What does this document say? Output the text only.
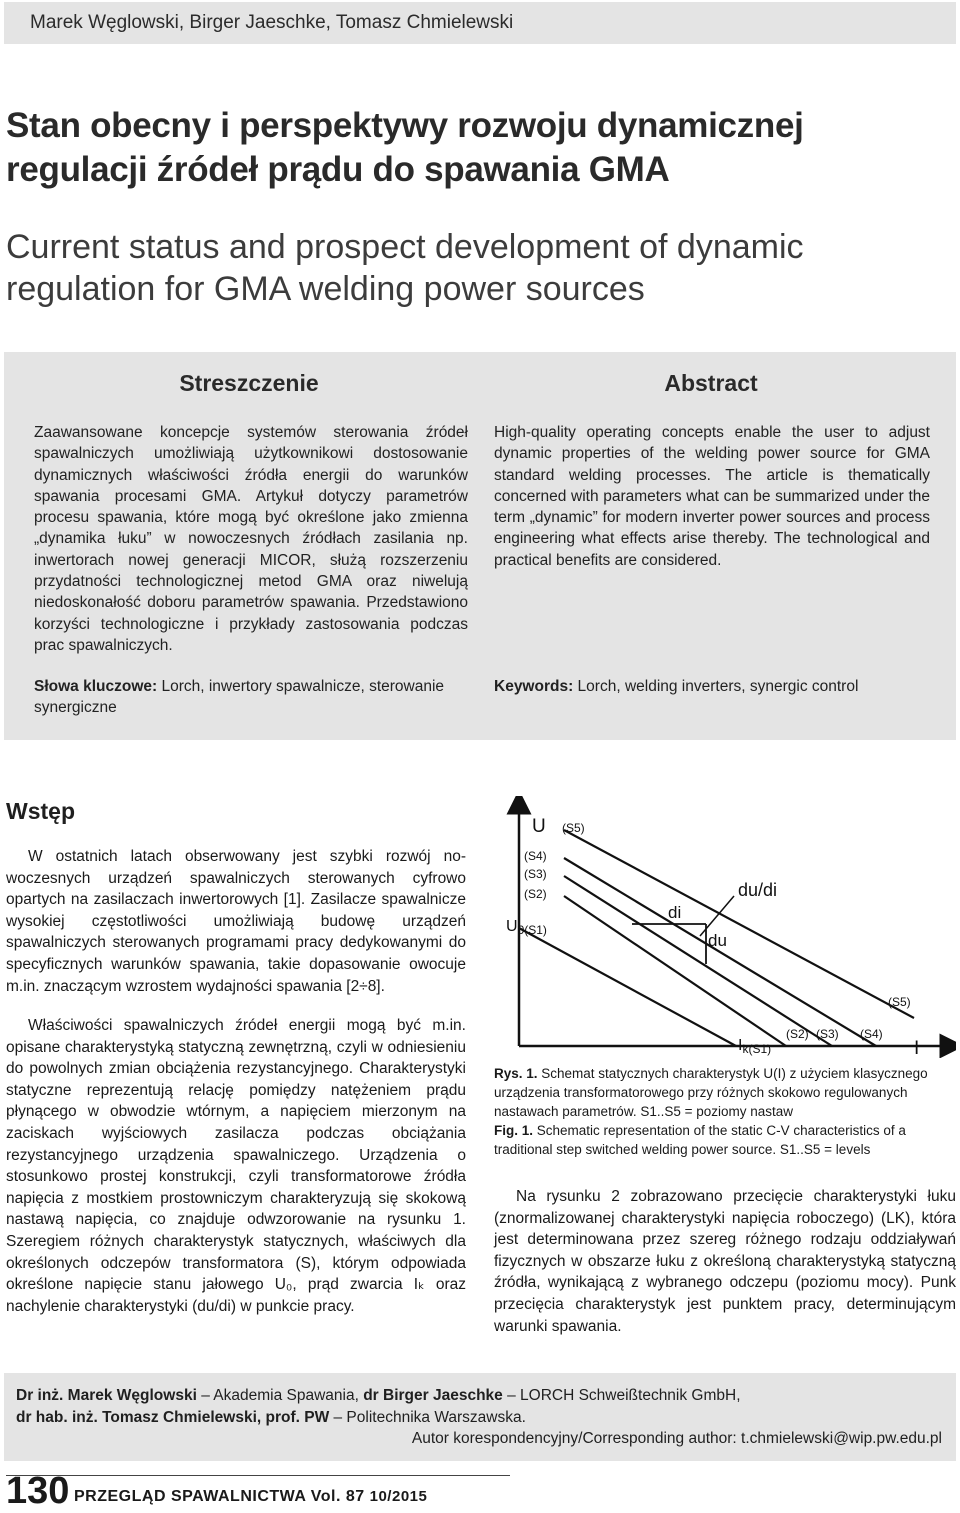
Marek Węglowski, Birger Jaeschke, Tomasz Chmielewski
Stan obecny i perspektywy rozwoju dynamicznej regulacji źródeł prądu do spawania GMA
Current status and prospect development of dynamic regulation for GMA welding power sources
Streszczenie
Zaawansowane koncepcje systemów sterowania źródeł spawalniczych umożliwiają użytkownikowi dostosowanie dynamicznych właściwości źródła energii do warunków spawania procesami GMA. Artykuł dotyczy parametrów procesu spawania, które mogą być określone jako zmienna „dynamika łuku” w nowoczesnych źródłach zasilania np. inwertorach nowej generacji MICOR, służą rozszerzeniu przydatności technologicznej metod GMA oraz niwelują niedoskonałość doboru parametrów spawania. Przedstawiono korzyści technologiczne i przykłady zastosowania podczas prac spawalniczych.
Słowa kluczowe: Lorch, inwertory spawalnicze, sterowanie synergiczne
Abstract
High-quality operating concepts enable the user to adjust dynamic properties of the welding power source for GMA standard welding processes. The article is thematically concerned with parameters what can be summarized under the term „dynamic” for modern inverter power sources and process engineering what effects arise thereby. The technological and practical benefits are considered.
Keywords: Lorch, welding inverters, synergic control
Wstęp
W ostatnich latach obserwowany jest szybki rozwój nowoczesnych urządzeń spawalniczych sterowanych cyfrowo opartych na zasilaczach inwertorowych [1]. Zasilacze spawalnicze wysokiej częstotliwości umożliwiają budowę urządzeń spawalniczych sterowanych programami pracy dedykowanymi do specyficznych warunków spawania, takie dopasowanie owocuje m.in. znaczącym wzrostem wydajności spawania [2÷8].
Właściwości spawalniczych źródeł energii mogą być m.in. opisane charakterystyką statyczną zewnętrzną, czyli w odniesieniu do powolnych zmian obciążenia rezystancyjnego. Charakterystyki statyczne reprezentują relację pomiędzy natężeniem prądu płynącego w obwodzie wtórnym, a napięciem mierzonym na zaciskach wyjściowych zasilacza podczas obciążania rezystancyjnego urządzenia spawalniczego. Urządzenia o stosunkowo prostej konstrukcji, czyli transformatorowe źródła napięcia z mostkiem prostowniczym charakteryzują się skokową nastawą napięcia, co znajduje odwzorowanie na rysunku 1. Szeregiem różnych charakterystyk statycznych, właściwych dla określonych odczepów transformatora (S), którym odpowiada określone napięcie stanu jałowego U₀, prąd zwarcia Iₖ oraz nachylenie charakterystyki (du/di) w punkcie pracy.
U
I
(S5)
(S4)
(S3)
(S2)
U0(S1)
du/di
di
du
(S5)
(S2) (S3) (S4)
Ik(S1)
Rys. 1. Schemat statycznych charakterystyk U(I) z użyciem klasycznego urządzenia transformatorowego przy różnych skokowo regulowanych nastawach parametrów. S1..S5 = poziomy nastaw
Fig. 1. Schematic representation of the static C-V characteristics of a traditional step switched welding power source. S1..S5 = levels
Na rysunku 2 zobrazowano przecięcie charakterystyki łuku (znormalizowanej charakterystyki napięcia roboczego) (LK), która jest determinowana przez szereg różnego rodzaju oddziaływań fizycznych w obszarze łuku z określoną charakterystyką statyczną źródła, wynikającą z wybranego odczepu (poziomu mocy). Punk przecięcia charakterystyk jest punktem pracy, determinującym warunki spawania.
Dr inż. Marek Węglowski – Akademia Spawania, dr Birger Jaeschke – LORCH Schweißtechnik GmbH,
dr hab. inż. Tomasz Chmielewski, prof. PW – Politechnika Warszawska.
Autor korespondencyjny/Corresponding author: t.chmielewski@wip.pw.edu.pl
130 PRZEGLĄD SPAWALNICTWA Vol. 87 10/2015
